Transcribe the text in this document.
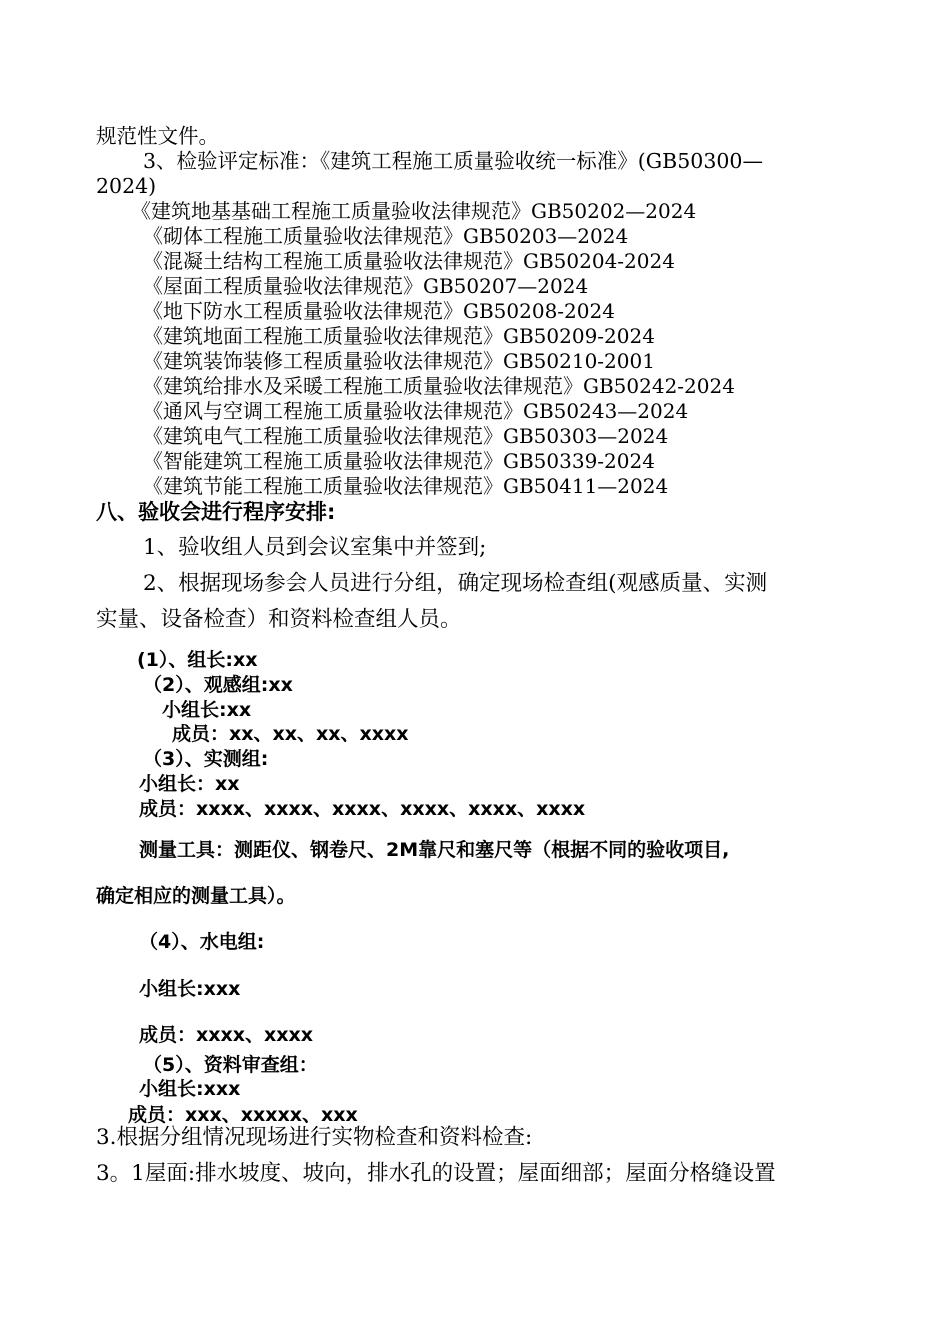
规范性文件。
3、检验评定标准：《建筑工程施工质量验收统一标准》(GB50300—
2024)
《建筑地基基础工程施工质量验收法律规范》GB50202—2024
《砌体工程施工质量验收法律规范》GB50203—2024
《混凝土结构工程施工质量验收法律规范》GB50204-2024
《屋面工程质量验收法律规范》GB50207—2024
《地下防水工程质量验收法律规范》GB50208-2024
《建筑地面工程施工质量验收法律规范》GB50209-2024
《建筑装饰装修工程质量验收法律规范》GB50210-2001
《建筑给排水及采暖工程施工质量验收法律规范》GB50242-2024
《通风与空调工程施工质量验收法律规范》GB50243—2024
《建筑电气工程施工质量验收法律规范》GB50303—2024
《智能建筑工程施工质量验收法律规范》GB50339-2024
《建筑节能工程施工质量验收法律规范》GB50411—2024
八、验收会进行程序安排:
1、验收组人员到会议室集中并签到;
2、根据现场参会人员进行分组，确定现场检查组(观感质量、实测
实量、设备检查）和资料检查组人员。
(1）、组长:xx
（2）、观感组:xx
小组长:xx
成员：xx、xx、xx、xxxx
（3）、实测组:
小组长：xx
成员：xxxx、xxxx、xxxx、xxxx、xxxx、xxxx
测量工具：测距仪、钢卷尺、2M靠尺和塞尺等（根据不同的验收项目,
确定相应的测量工具）。
（4）、水电组:
小组长:xxx
成员：xxxx、xxxx
（5）、资料审查组：
小组长:xxx
成员：xxx、xxxxx、xxx
3.根据分组情况现场进行实物检查和资料检查:
3。1屋面:排水坡度、坡向，排水孔的设置；屋面细部；屋面分格缝设置
